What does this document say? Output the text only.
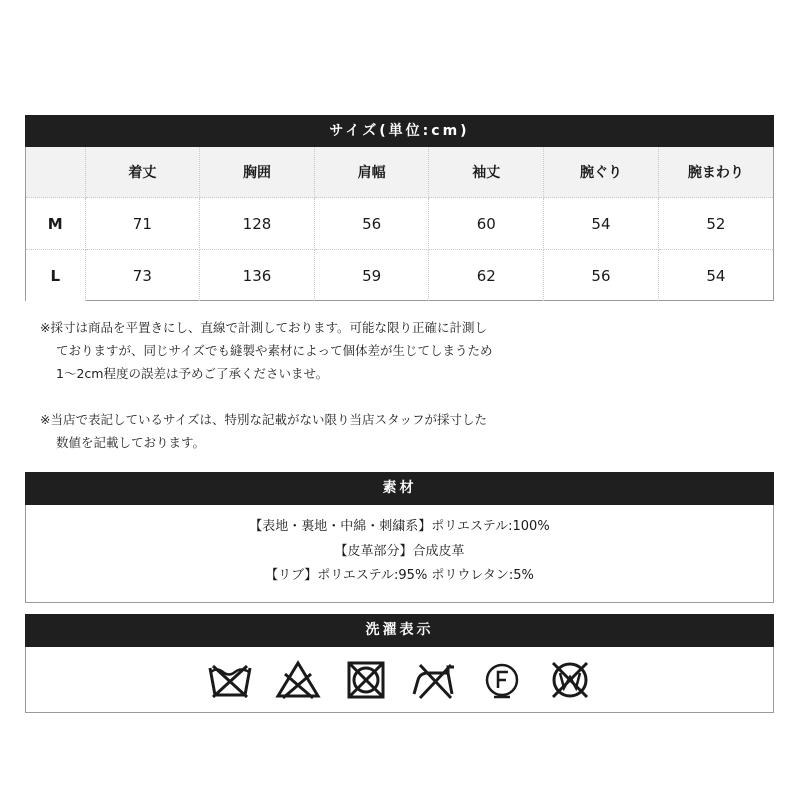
サイズ(単位:cm)
	着丈	胸囲	肩幅	袖丈	腕ぐり	腕まわり
M	71	128	56	60	54	52
L	73	136	59	62	56	54
※採寸は商品を平置きにし、直線で計測しております。可能な限り正確に計測し
ておりますが、同じサイズでも縫製や素材によって個体差が生じてしまうため
1〜2cm程度の誤差は予めご了承くださいませ。
※当店で表記しているサイズは、特別な記載がない限り当店スタッフが採寸した
数値を記載しております。
素材
【表地・裏地・中綿・刺繍系】ポリエステル:100%
【皮革部分】合成皮革
【リブ】ポリエステル:95% ポリウレタン:5%
洗濯表示
